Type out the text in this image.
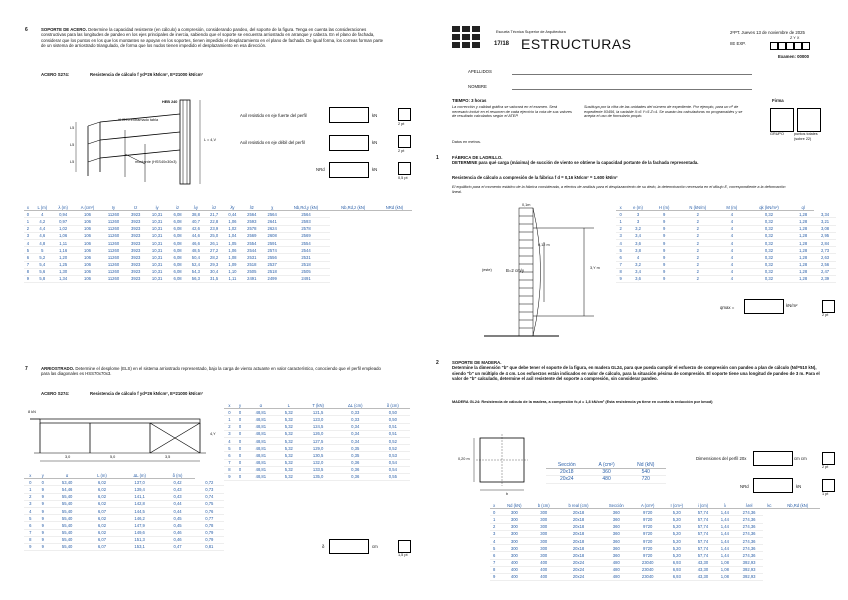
6	SOPORTE DE ACERO. Determine la capacidad resistente (en cálculo) a compresión, considerando pandeo, del soporte de la figura. Tenga en cuenta las consideraciones constructivas para las longitudes de pandeo en los ejes principales de inercia, sabiendo que el soporte se encuentra arriostrado en arranque y cabeza. En el plano de fachada, considerar que los puntos en los que los montantes se apoyan en los soportes, tienen impedido el desplazamiento en el plano de fachada. De igual forma, los correas forman parte de un sistema de arriostrado triangulado, de forma que los nudos tienen impedido el desplazamiento en esa dirección.
ACERO S274:	Resistencia de cálculo f yd=26 kN/cm², E=21000 kN/cm²
HEB 240
#HS75 entramado tabla
montante (HSS40x30x3)
L = 4,V
L5
L5
L5
Axil resistido en eje fuerte del perfil	kN
2 pt
Axil resistido en eje débil del perfil	kN
2 pt
NRd	kN
0,5 pt
x	L (m)	λ (m)	A (cm²)	Iy	Iz	iy	iz	λy	λz	λ̄y	λ̄z	χ	Nb,Rd,y (kN)	Nb,Rd,z (kN)	NRd (kN)
0	4	0,94	106	11260	3923	10,31	6,08	38,8	21,7	0,44	2564	2564	2564		
1	4,2	0,97	106	11260	3923	10,31	6,08	40,7	22,8	1,06	2593	2641	2593		
2	4,4	1,02	106	11260	3923	10,31	6,08	42,6	23,9	1,02	2578	2624	2578		
3	4,6	1,06	106	11260	3923	10,31	6,08	44,6	25,0	1,04	2569	2608	2569		
4	4,8	1,11	106	11260	3923	10,31	6,08	46,6	26,1	1,05	2554	2591	2554		
5	5	1,16	106	11260	3923	10,31	6,08	48,5	27,2	1,06	2544	2574	2544		
6	5,2	1,20	106	11260	3923	10,31	6,08	50,4	28,2	1,08	2531	2556	2531		
7	5,4	1,25	106	11260	3923	10,31	6,08	52,4	29,3	1,09	2518	2537	2518		
8	5,6	1,30	106	11260	3923	10,31	6,08	54,3	30,4	1,10	2505	2518	2505		
9	5,8	1,34	106	11260	3923	10,31	6,08	56,3	31,5	1,11	2491	2499	2491		
7	ARRIOSTRADO. Determine el desplome (ELS) en el sistema arriostrado representado, bajo la carga de viento actuante en valor característico, conociendo que el perfil empleado para las diagonales es HSS70x70x3.
ACERO S274:	Resistencia de cálculo f yd=26 kN/cm², E=21000 kN/cm²
8 kN
4,Y
3,0	5,0	3,5
x	y	α	L (m)	ΔL (m)	δ (m)	
0	0	53,40	6,02	137,0	0,42	0,72
1	9	54,46	6,02	139,4	0,43	0,73
2	9	55,40	6,02	141,1	0,43	0,74
3	9	55,40	6,02	142,8	0,44	0,75
4	9	55,40	6,07	144,5	0,44	0,76
5	9	55,40	6,02	146,2	0,45	0,77
6	9	55,40	6,02	147,9	0,45	0,78
7	9	55,40	6,02	149,6	0,46	0,79
8	9	55,40	6,07	151,3	0,46	0,79
9	9	55,40	6,07	153,1	0,47	0,81
x	y	α	L	T (kN)	ΔL (cm)	δ (cm)
0	0	48,81	5,32	121,5	0,33	0,50
1	0	48,81	5,32	123,0	0,33	0,50
2	0	48,81	5,32	124,5	0,34	0,51
3	0	48,81	5,32	126,0	0,34	0,51
4	0	48,81	5,32	127,5	0,34	0,52
5	0	48,81	5,32	129,0	0,35	0,52
6	0	48,81	5,32	130,5	0,35	0,53
7	0	48,81	5,32	132,0	0,36	0,54
8	0	48,81	5,32	133,5	0,36	0,54
9	0	48,81	5,32	135,0	0,36	0,55
δ	cm
1,5 pt
Escuela Técnica Superior de Arquitectura
17/18 ESTRUCTURAS
2ºPT. Jueves 13 de noviembre de 2025
IIE EXP.
Z Y X
Examen: 00000
APELLIDOS
NOMBRE
TIEMPO: 3 horas
La corrección y calidad gráfica se valorará en el examen. Será necesario incluir en el resumen de cada ejercicio la cota de sus valores de resultado calculados según el ATEP.
Sustituya por la cifra de las unidades del número de expediente. Por ejemplo, para un nº de expediente 93456, la variable X=6 Y=5 Z=4. Se usarán las calculadoras no programables y se acepta el uso de formulario propio.
Firma
GRUPO	puntos totales (sobre 22)
Datos en metros.
1	FÁBRICA DE LADRILLO.
DETERMINE para qué carga (máxima) de succión de viento se obtiene la capacidad portante de la fachada representada.
Resistencia de cálculo a compresión de la fábrica f d = 0,16 kN/cm² = 1.600 kN/m²
El equilibrio para el momento estático de la fábrica considerada, a efectos de análisis para el desplazamiento de su dedo, la determinación necesaria en el dibujo E, correspondiente a la deformación lineal.
0,1m
0,12 m
3,Y m
B=2 cm/y
(este)
x	e (m)	H (m)	N (kN/m)	M (m)	qk (kN/m²)	ql	
0	3	9	2	4	0,32	1,28	3,34
1	3	9	2	4	0,32	1,28	3,21
2	3,2	9	2	4	0,32	1,28	3,08
3	3,4	9	2	4	0,32	1,28	2,95
4	3,6	9	2	4	0,32	1,28	2,84
5	3,8	9	2	4	0,32	1,28	2,73
6	4	9	2	4	0,32	1,28	2,63
7	3,2	9	2	4	0,32	1,28	2,56
8	3,4	9	2	4	0,32	1,28	2,47
9	3,6	9	2	4	0,32	1,28	2,39
qmax =	kN/m²
2 pt
2	SOPORTE DE MADERA.
Determine la dimensión "b" que debe tener el soporte de la figura, en madera GL24, para que pueda cumplir el esfuerzo de compresión con pandeo a plan de cálculo (Nd=510 kN), siendo "b" un múltiplo de 4 cm. Los esfuerzos están indicados en valor de cálculo, para la situación pésima de compresión. El soporte tiene una longitud de pandeo de 3 m. Para el valor de "b" calculado, determine el axil resistente del soporte a compresión, sin considerar pandeo.
MADERA GL24: Resistencia de cálculo de la madera, a compresión fc,d = 1,8 kN/cm² (Esta resistencia ya tiene en cuenta la reducción por kmod)
0,20 m
b
Sección	A (cm²)	Nd (kN)
20x18	360	540
20x24	480	720
Dimensiones del perfil 20x	cm cm
2 pt
NRd	kN
1 pt
x	Nd (kN)	b (cm)	b real (cm)	Sección	A (cm²)	I (cm⁴)	i (cm)	λ	λrel	kc	Nb,Rd (kN)
0	300	300	20x18	360	9720	5,20	57,74	1,44	274,36		
1	300	300	20x18	360	9720	5,20	57,74	1,44	274,36		
2	300	300	20x18	360	9720	5,20	57,74	1,44	274,36		
3	300	300	20x18	360	9720	5,20	57,74	1,44	274,36		
4	300	300	20x18	360	9720	5,20	57,74	1,44	274,36		
5	300	300	20x18	360	9720	5,20	57,74	1,44	274,36		
6	300	300	20x18	360	9720	5,20	57,74	1,44	274,36		
7	400	400	20x24	480	23040	6,93	43,30	1,08	392,93		
8	400	400	20x24	480	23040	6,93	43,30	1,08	392,93		
9	400	400	20x24	480	23040	6,93	43,30	1,08	392,93		
